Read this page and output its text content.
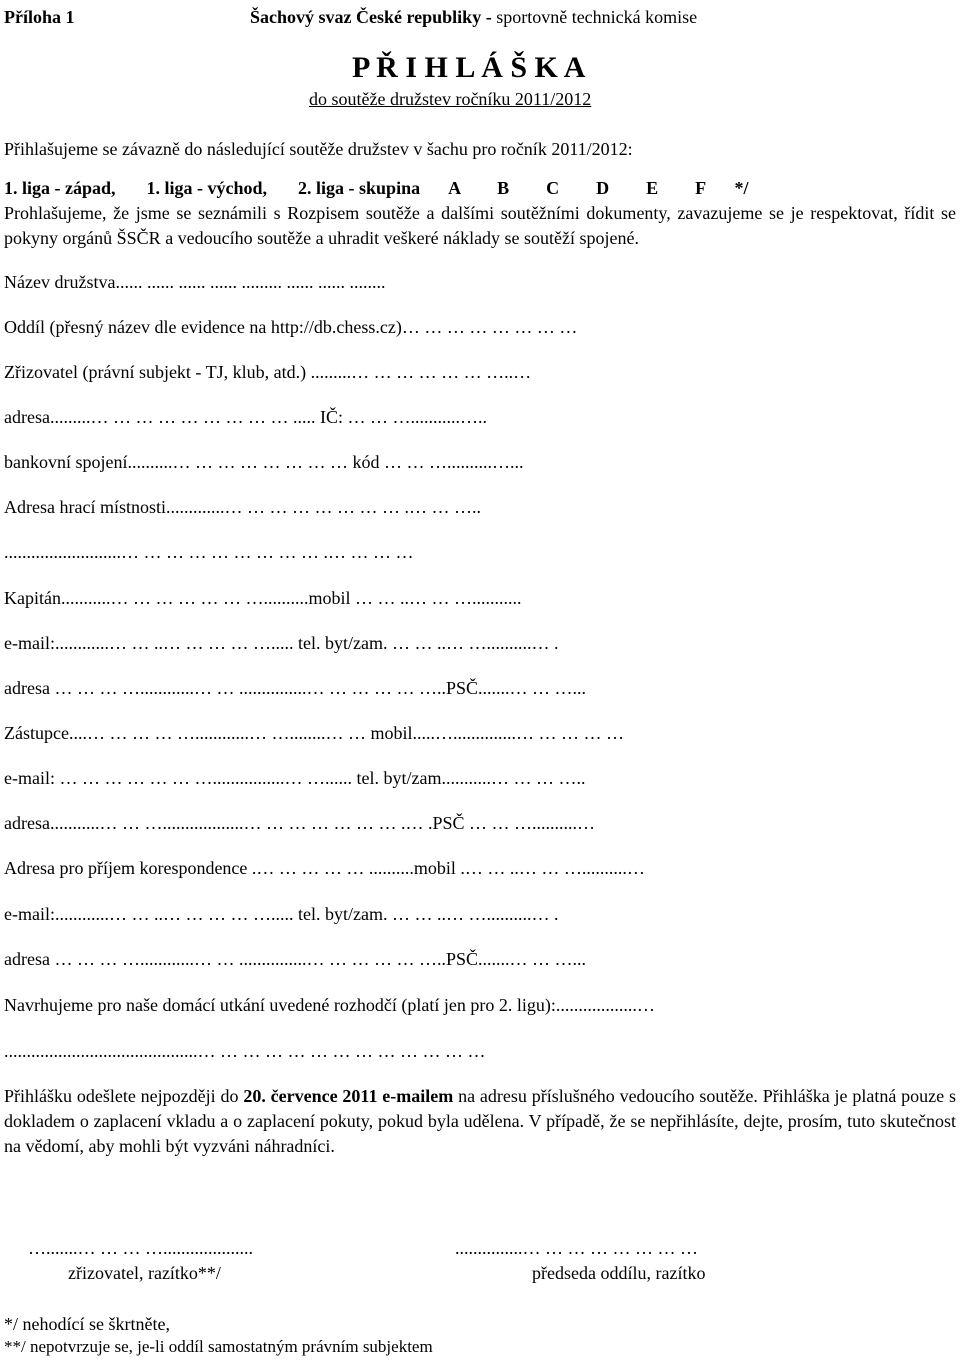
Příloha 1	Šachový svaz České republiky - sportovně technická komise
P Ř I H L Á Š K A
do soutěže družstev ročníku 2011/2012
Přihlašujeme se závazně do následující soutěže družstev v šachu pro ročník 2011/2012:
1. liga - západ, 1. liga - východ, 2. liga - skupina A B C D E F */
Prohlašujeme, že jsme se seznámili s Rozpisem soutěže a dalšími soutěžními dokumenty, zavazujeme se je respektovat, řídit se pokyny orgánů ŠSČR a vedoucího soutěže a uhradit veškeré náklady se soutěží spojené.
Název družstva...... ...... ...... ...... ......... ...... ...... ........
Oddíl (přesný název dle evidence na http://db.chess.cz)… … … … … … … …
Zřizovatel (právní subjekt - TJ, klub, atd.) .........… … … … … … …..…
adresa.........… … … … … … … … … ..... IČ: … … …...........…..
bankovní spojení..........… … … … … … … … kód … … …..........…...
Adresa hrací místnosti.............… … … … … … … … .… … …..
..........................… … … … … … … … … .… … … …
Kapitán...........… … … … … … …..........mobil … … ..… … …...........
e-mail:............… … ..… … … … …..... tel. byt/zam. … … ..… …..........… .
adresa … … … …............… … ...............… … … … … …..PSČ.......… … …...
Zástupce....… … … … …............… …........… … mobil.....…..............… … … … …
e-mail: … … … … … … …................… …...... tel. byt/zam...........… … … …..
adresa...........… … …..................… … … … … … … .… .PSČ … … …..........…
Adresa pro příjem korespondence .… … … … … ..........mobil .… … ..… … …..........…
e-mail:............… … ..… … … … …..... tel. byt/zam. … … ..… …..........… .
adresa … … … …............… … ...............… … … … … …..PSČ.......… … …...
Navrhujeme pro naše domácí utkání uvedené rozhodčí (platí jen pro 2. ligu):..................…
...........................................… … … … … … … … … … … … …
Přihlášku odešlete nejpozději do 20. července 2011 e-mailem na adresu příslušného vedoucího soutěže. Přihláška je platná pouze s dokladem o zaplacení vkladu a o zaplacení pokuty, pokud byla udělena. V případě, že se nepřihlásíte, dejte, prosím, tuto skutečnost na vědomí, aby mohli být vyzváni náhradníci.
….......… … … …....................	...............… … … … … … … …
zřizovatel, razítko**/	předseda oddílu, razítko
*/ nehodící se škrtněte,
**/ nepotvrzuje se, je-li oddíl samostatným právním subjektem
